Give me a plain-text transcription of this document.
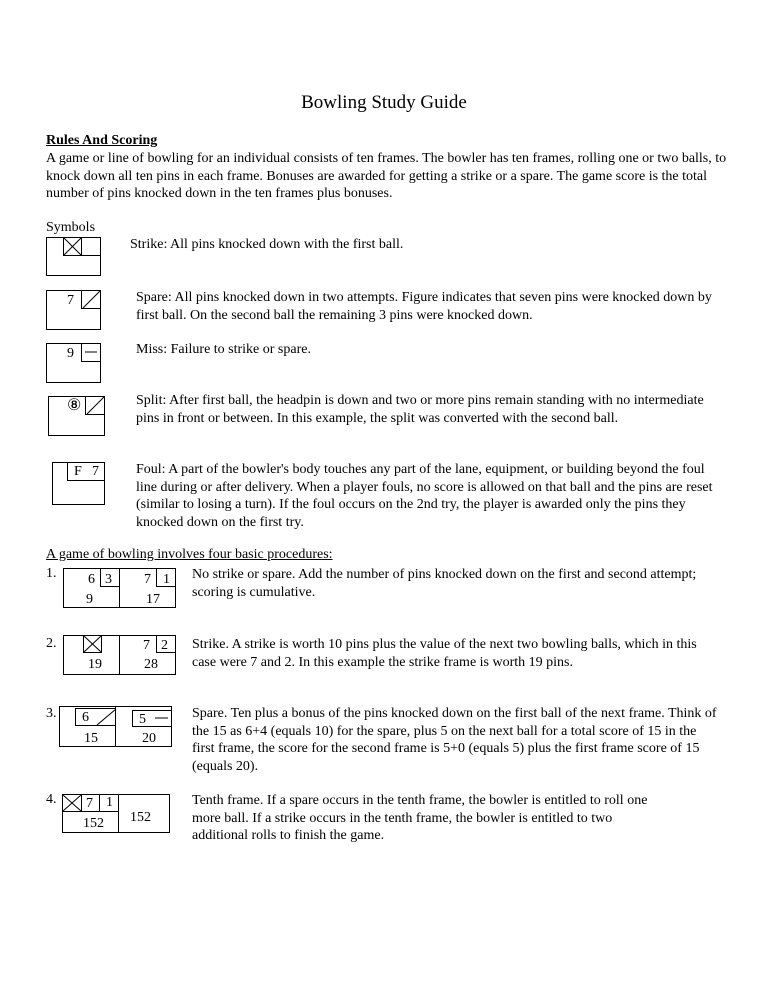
Bowling Study Guide
Rules And Scoring
A game or line of bowling for an individual consists of ten frames. The bowler has ten frames, rolling one or two balls, to knock down all ten pins in each frame. Bonuses are awarded for getting a strike or a spare. The game score is the total number of pins knocked down in the ten frames plus bonuses.
Symbols
Strike: All pins knocked down with the first ball.
7	Spare: All pins knocked down in two attempts. Figure indicates that seven pins were knocked down by first ball. On the second ball the remaining 3 pins were knocked down.
9	Miss: Failure to strike or spare.
⑧	Split: After first ball, the headpin is down and two or more pins remain standing with no intermediate pins in front or between. In this example, the split was converted with the second ball.
F 7	Foul: A part of the bowler's body touches any part of the lane, equipment, or building beyond the foul line during or after delivery. When a player fouls, no score is allowed on that ball and the pins are reset (similar to losing a turn). If the foul occurs on the 2nd try, the player is awarded only the pins they knocked down on the first try.
A game of bowling involves four basic procedures:
1. 6 3
9
7 1
17
No strike or spare. Add the number of pins knocked down on the first and second attempt; scoring is cumulative.
2.
19
7 2
28
Strike. A strike is worth 10 pins plus the value of the next two bowling balls, which in this case were 7 and 2. In this example the strike frame is worth 19 pins.
3. 6
15
5
20
Spare. Ten plus a bonus of the pins knocked down on the first ball of the next frame. Think of the 15 as 6+4 (equals 10) for the spare, plus 5 on the next ball for a total score of 15 in the first frame, the score for the second frame is 5+0 (equals 5) plus the first frame score of 15 (equals 20).
4. 7 1
152 152
Tenth frame. If a spare occurs in the tenth frame, the bowler is entitled to roll one more ball. If a strike occurs in the tenth frame, the bowler is entitled to two additional rolls to finish the game.
